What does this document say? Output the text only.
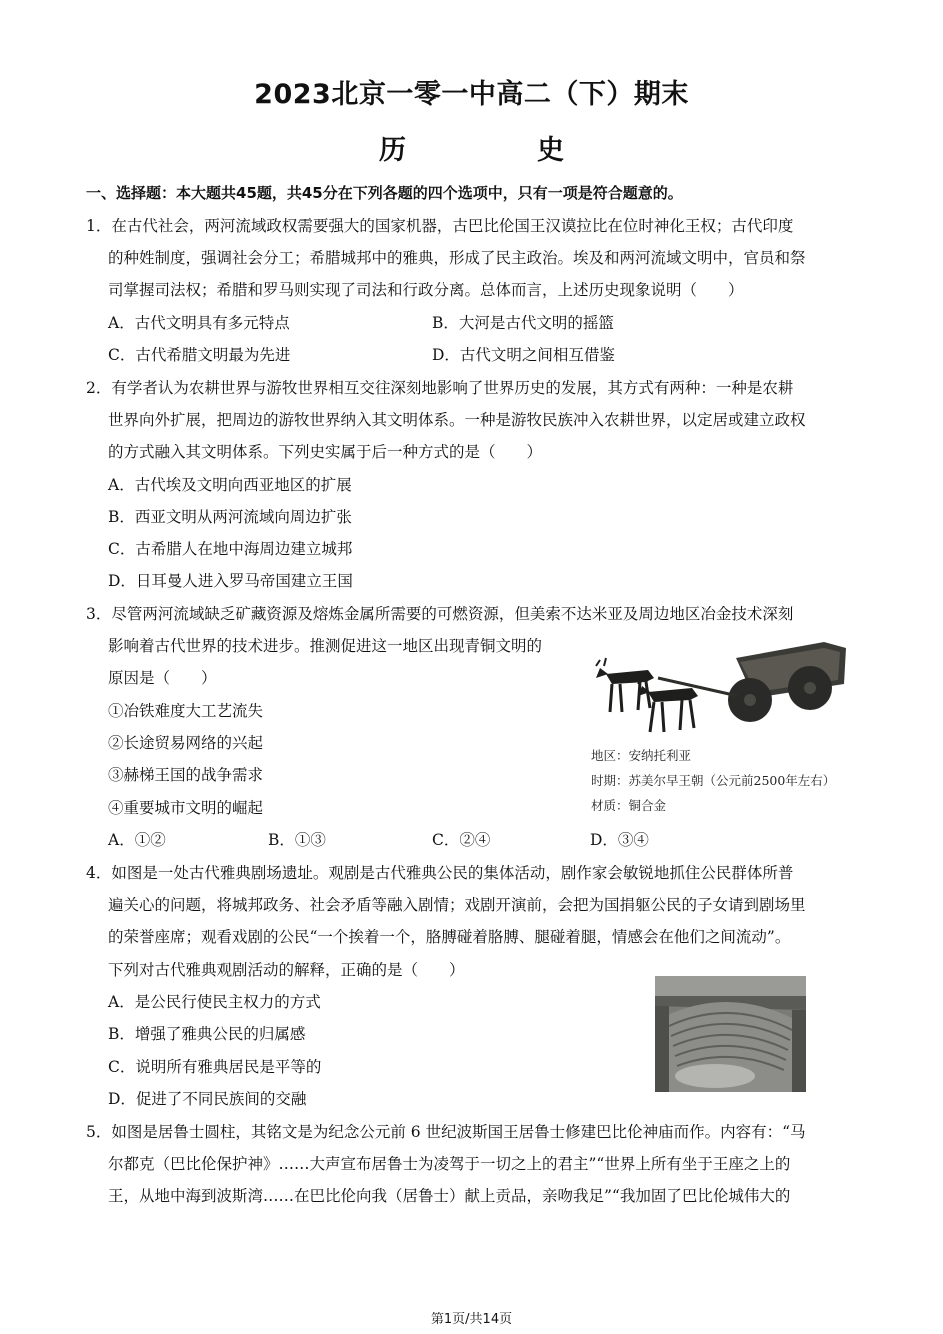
2023北京一零一中高二（下）期末
历　史
一、选择题：本大题共45题，共45分在下列各题的四个选项中，只有一项是符合题意的。
1．在古代社会，两河流域政权需要强大的国家机器，古巴比伦国王汉谟拉比在位时神化王权；古代印度
的种姓制度，强调社会分工；希腊城邦中的雅典，形成了民主政治。埃及和两河流域文明中，官员和祭
司掌握司法权；希腊和罗马则实现了司法和行政分离。总体而言，上述历史现象说明（　　）
A．古代文明具有多元特点	B．大河是古代文明的摇篮
C．古代希腊文明最为先进	D．古代文明之间相互借鉴
2．有学者认为农耕世界与游牧世界相互交往深刻地影响了世界历史的发展，其方式有两种：一种是农耕
世界向外扩展，把周边的游牧世界纳入其文明体系。一种是游牧民族冲入农耕世界，以定居或建立政权
的方式融入其文明体系。下列史实属于后一种方式的是（　　）
A．古代埃及文明向西亚地区的扩展
B．西亚文明从两河流域向周边扩张
C．古希腊人在地中海周边建立城邦
D．日耳曼人进入罗马帝国建立王国
3．尽管两河流域缺乏矿藏资源及熔炼金属所需要的可燃资源，但美索不达米亚及周边地区冶金技术深刻
影响着古代世界的技术进步。推测促进这一地区出现青铜文明的
原因是（　　）
①冶铁难度大工艺流失
②长途贸易网络的兴起
③赫梯王国的战争需求
④重要城市文明的崛起
A．①②	B．①③	C．②④	D．③④
地区：安纳托利亚
时期：苏美尔早王朝（公元前2500年左右）
材质：铜合金
4．如图是一处古代雅典剧场遗址。观剧是古代雅典公民的集体活动，剧作家会敏锐地抓住公民群体所普
遍关心的问题，将城邦政务、社会矛盾等融入剧情；戏剧开演前，会把为国捐躯公民的子女请到剧场里
的荣誉座席；观看戏剧的公民“一个挨着一个，胳膊碰着胳膊、腿碰着腿，情感会在他们之间流动”。
下列对古代雅典观剧活动的解释，正确的是（　　）
A．是公民行使民主权力的方式
B．增强了雅典公民的归属感
C．说明所有雅典居民是平等的
D．促进了不同民族间的交融
5．如图是居鲁士圆柱，其铭文是为纪念公元前 6 世纪波斯国王居鲁士修建巴比伦神庙而作。内容有：“马
尔都克（巴比伦保护神》……大声宣布居鲁士为凌驾于一切之上的君主”“世界上所有坐于王座之上的
王，从地中海到波斯湾……在巴比伦向我（居鲁士）献上贡品，亲吻我足”“我加固了巴比伦城伟大的
第1页/共14页
